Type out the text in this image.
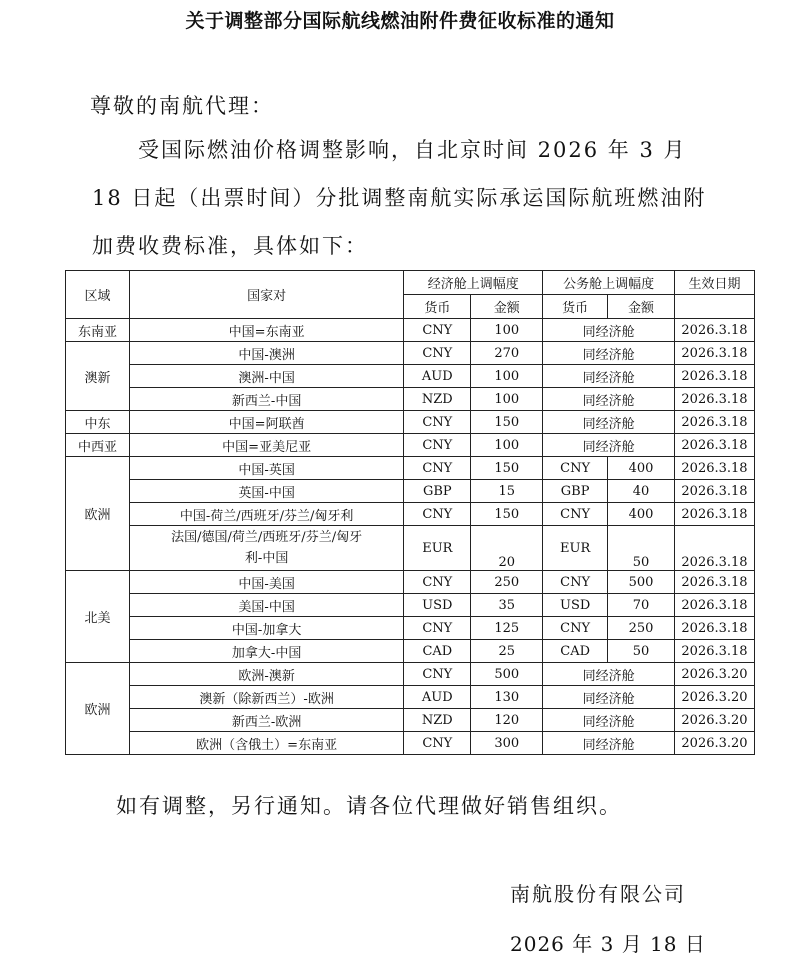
关于调整部分国际航线燃油附件费征收标准的通知
尊敬的南航代理：
受国际燃油价格调整影响，自北京时间 2026 年 3 月 18 日起（出票时间）分批调整南航实际承运国际航班燃油附加费收费标准，具体如下：
区域	国家对	经济舱上调幅度		公务舱上调幅度		生效日期
		货币	金额	货币	金额	
东南亚	中国=东南亚	CNY	100	同经济舱		2026.3.18
澳新	中国-澳洲	CNY	270	同经济舱		2026.3.18
	澳洲-中国	AUD	100	同经济舱		2026.3.18
	新西兰-中国	NZD	100	同经济舱		2026.3.18
中东	中国=阿联酋	CNY	150	同经济舱		2026.3.18
中西亚	中国=亚美尼亚	CNY	100	同经济舱		2026.3.18
欧洲	中国-英国	CNY	150	CNY	400	2026.3.18
	英国-中国	GBP	15	GBP	40	2026.3.18
	中国-荷兰/西班牙/芬兰/匈牙利	CNY	150	CNY	400	2026.3.18

	法国/德国/荷兰/西班牙/芬兰/匈牙
利-中国	EUR	20	EUR	50	2026.3.18
北美	中国-美国	CNY	250	CNY	500	2026.3.18
	美国-中国	USD	35	USD	70	2026.3.18
	中国-加拿大	CNY	125	CNY	250	2026.3.18
	加拿大-中国	CAD	25	CAD	50	2026.3.18
欧洲	欧洲-澳新	CNY	500	同经济舱		2026.3.20
	澳新（除新西兰）-欧洲	AUD	130	同经济舱		2026.3.20
	新西兰-欧洲	NZD	120	同经济舱		2026.3.20
	欧洲（含俄土）=东南亚	CNY	300	同经济舱		2026.3.20
如有调整，另行通知。请各位代理做好销售组织。
南航股份有限公司
2026 年 3 月 18 日
